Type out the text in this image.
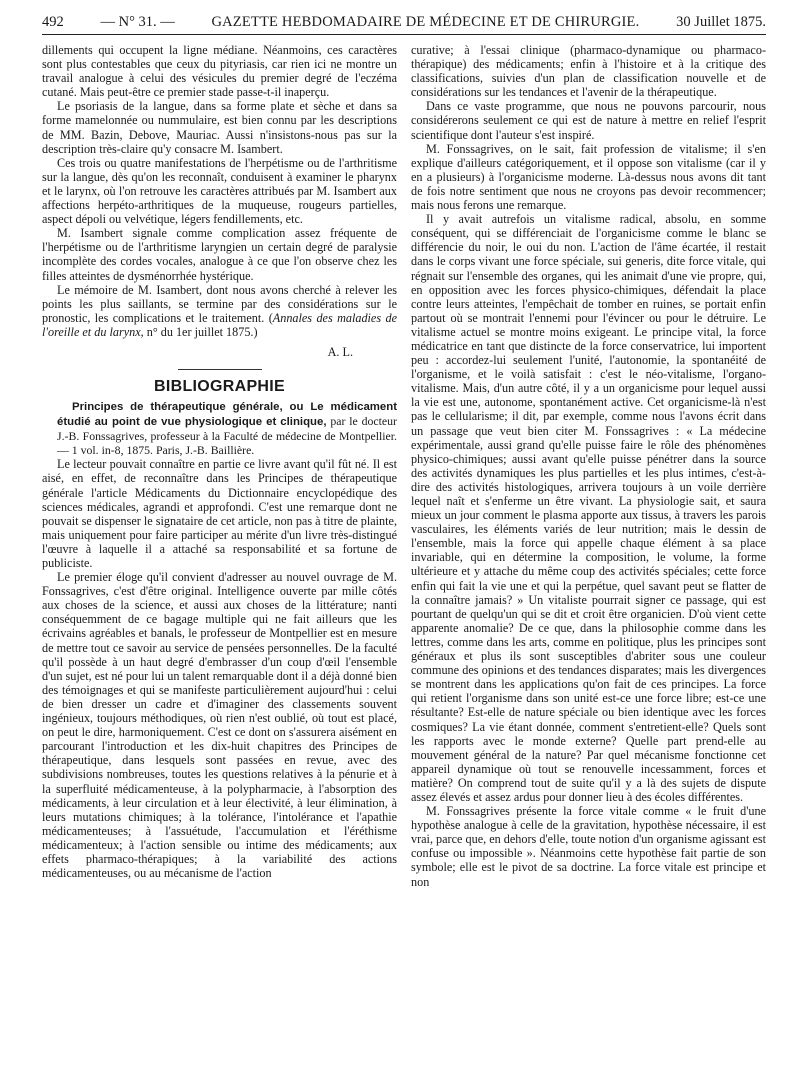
492	— N° 31. —	GAZETTE HEBDOMADAIRE DE MÉDECINE ET DE CHIRURGIE.	30 Juillet 1875.

dillements qui occupent la ligne médiane. Néanmoins, ces caractères sont plus contestables que ceux du pityriasis, car rien ici ne montre un travail analogue à celui des vésicules du premier degré de l'eczéma cutané. Mais peut-être ce premier stade passe-t-il inaperçu.

Le psoriasis de la langue, dans sa forme plate et sèche et dans sa forme mamelonnée ou nummulaire, est bien connu par les descriptions de MM. Bazin, Debove, Mauriac. Aussi n'insistons-nous pas sur la description très-claire qu'y consacre M. Isambert.

Ces trois ou quatre manifestations de l'herpétisme ou de l'arthritisme sur la langue, dès qu'on les reconnaît, conduisent à examiner le pharynx et le larynx, où l'on retrouve les caractères attribués par M. Isambert aux affections herpéto-arthritiques de la muqueuse, rougeurs partielles, aspect dépoli ou velvétique, légers fendillements, etc.

M. Isambert signale comme complication assez fréquente de l'herpétisme ou de l'arthritisme laryngien un certain degré de paralysie incomplète des cordes vocales, analogue à ce que l'on observe chez les filles atteintes de dysménorrhée hystérique.

Le mémoire de M. Isambert, dont nous avons cherché à relever les points les plus saillants, se termine par des considérations sur le pronostic, les complications et le traitement. (Annales des maladies de l'oreille et du larynx, n° du 1er juillet 1875.)

A. L.
BIBLIOGRAPHIE

Principes de thérapeutique générale, ou Le médicament étudié au point de vue physiologique et clinique, par le docteur J.-B. Fonssagrives, professeur à la Faculté de médecine de Montpellier. — 1 vol. in-8, 1875. Paris, J.-B. Baillière.

Le lecteur pouvait connaître en partie ce livre avant qu'il fût né. Il est aisé, en effet, de reconnaître dans les Principes de thérapeutique générale l'article Médicaments du Dictionnaire encyclopédique des sciences médicales, agrandi et approfondi. C'est une remarque dont ne pouvait se dispenser le signataire de cet article, non pas à titre de plainte, mais uniquement pour faire participer au mérite d'un livre très-distingué l'œuvre à laquelle il a attaché sa responsabilité et sa fortune de publiciste.

Le premier éloge qu'il convient d'adresser au nouvel ouvrage de M. Fonssagrives, c'est d'être original. Intelligence ouverte par mille côtés aux choses de la science, et aussi aux choses de la littérature; nanti conséquemment de ce bagage multiple qui ne fait ailleurs que les écrivains agréables et banals, le professeur de Montpellier est en mesure de mettre tout ce savoir au service de pensées personnelles. De la faculté qu'il possède à un haut degré d'embrasser d'un coup d'œil l'ensemble d'un sujet, est né pour lui un talent remarquable dont il a déjà donné bien des témoignages et qui se manifeste particulièrement aujourd'hui : celui de bien dresser un cadre et d'imaginer des classements souvent ingénieux, toujours méthodiques, où rien n'est oublié, où tout est placé, on peut le dire, harmoniquement. C'est ce dont on s'assurera aisément en parcourant l'introduction et les dix-huit chapitres des Principes de thérapeutique, dans lesquels sont passées en revue, avec des subdivisions nombreuses, toutes les questions relatives à la pénurie et à la superfluité médicamenteuse, à la polypharmacie, à l'absorption des médicaments, à leur circulation et à leur électivité, à leur élimination, à leurs mutations chimiques; à la tolérance, l'intolérance et l'apathie médicamenteuses; à l'assuétude, l'accumulation et l'éréthisme médicamenteux; à l'action sensible ou intime des médicaments; aux effets pharmaco-thérapiques; à la variabilité des actions médicamenteuses, ou au mécanisme de l'action

curative; à l'essai clinique (pharmaco-dynamique ou pharmaco-thérapique) des médicaments; enfin à l'histoire et à la critique des classifications, suivies d'un plan de classification nouvelle et de considérations sur les tendances et l'avenir de la thérapeutique.

Dans ce vaste programme, que nous ne pouvons parcourir, nous considérerons seulement ce qui est de nature à mettre en relief l'esprit scientifique dont l'auteur s'est inspiré.

M. Fonssagrives, on le sait, fait profession de vitalisme; il s'en explique d'ailleurs catégoriquement, et il oppose son vitalisme (car il y en a plusieurs) à l'organicisme moderne. Là-dessus nous avons dit tant de fois notre sentiment que nous ne croyons pas devoir recommencer; mais nous ferons une remarque.

Il y avait autrefois un vitalisme radical, absolu, en somme conséquent, qui se différenciait de l'organicisme comme le blanc se différencie du noir, le oui du non. L'action de l'âme écartée, il restait dans le corps vivant une force spéciale, sui generis, dite force vitale, qui régnait sur l'ensemble des organes, qui les animait d'une vie propre, qui, en opposition avec les forces physico-chimiques, défendait la place contre leurs atteintes, l'empêchait de tomber en ruines, se portait enfin partout où se montrait l'ennemi pour l'évincer ou pour le détruire. Le vitalisme actuel se montre moins exigeant. Le principe vital, la force médicatrice en tant que distincte de la force conservatrice, lui importent peu : accordez-lui seulement l'unité, l'autonomie, la spontanéité de l'organisme, et le voilà satisfait : c'est le néo-vitalisme, l'organo-vitalisme. Mais, d'un autre côté, il y a un organicisme pour lequel aussi la vie est une, autonome, spontanément active. Cet organicisme-là n'est pas le cellularisme; il dit, par exemple, comme nous l'avons écrit dans un passage que veut bien citer M. Fonssagrives : « La médecine expérimentale, aussi grand qu'elle puisse faire le rôle des phénomènes physico-chimiques; aussi avant qu'elle puisse pénétrer dans la source des activités dynamiques les plus partielles et les plus intimes, c'est-à-dire des activités histologiques, arrivera toujours à un voile derrière lequel naît et s'enferme un être vivant. La physiologie sait, et saura mieux un jour comment le plasma apporte aux tissus, à travers les parois vasculaires, les éléments variés de leur nutrition; mais le dessin de l'ensemble, mais la force qui appelle chaque élément à sa place invariable, qui en détermine la composition, le volume, la forme ultérieure et y attache du même coup des activités spéciales; cette force enfin qui fait la vie une et qui la perpétue, quel savant peut se flatter de la connaître jamais? » Un vitaliste pourrait signer ce passage, qui est pourtant de quelqu'un qui se dit et croit être organicien. D'où vient cette apparente anomalie? De ce que, dans la philosophie comme dans les lettres, comme dans les arts, comme en politique, plus les principes sont généraux et plus ils sont susceptibles d'abriter sous une couleur commune des opinions et des tendances disparates; mais les divergences se montrent dans les applications qu'on fait de ces principes. La force qui retient l'organisme dans son unité est-ce une force libre; est-ce une résultante? Est-elle de nature spéciale ou bien identique avec les forces cosmiques? La vie étant donnée, comment s'entretient-elle? Quels sont les rapports avec le monde externe? Quelle part prend-elle au mouvement général de la nature? Par quel mécanisme fonctionne cet appareil dynamique où tout se renouvelle incessamment, forces et matière? On comprend tout de suite qu'il y a là des sujets de dispute assez élevés et assez ardus pour donner lieu à des écoles différentes.

M. Fonssagrives présente la force vitale comme « le fruit d'une hypothèse analogue à celle de la gravitation, hypothèse nécessaire, il est vrai, parce que, en dehors d'elle, toute notion d'un organisme agissant est confuse ou impossible ». Néanmoins cette hypothèse fait partie de son symbole; elle est le pivot de sa doctrine. La force vitale est principe et non
